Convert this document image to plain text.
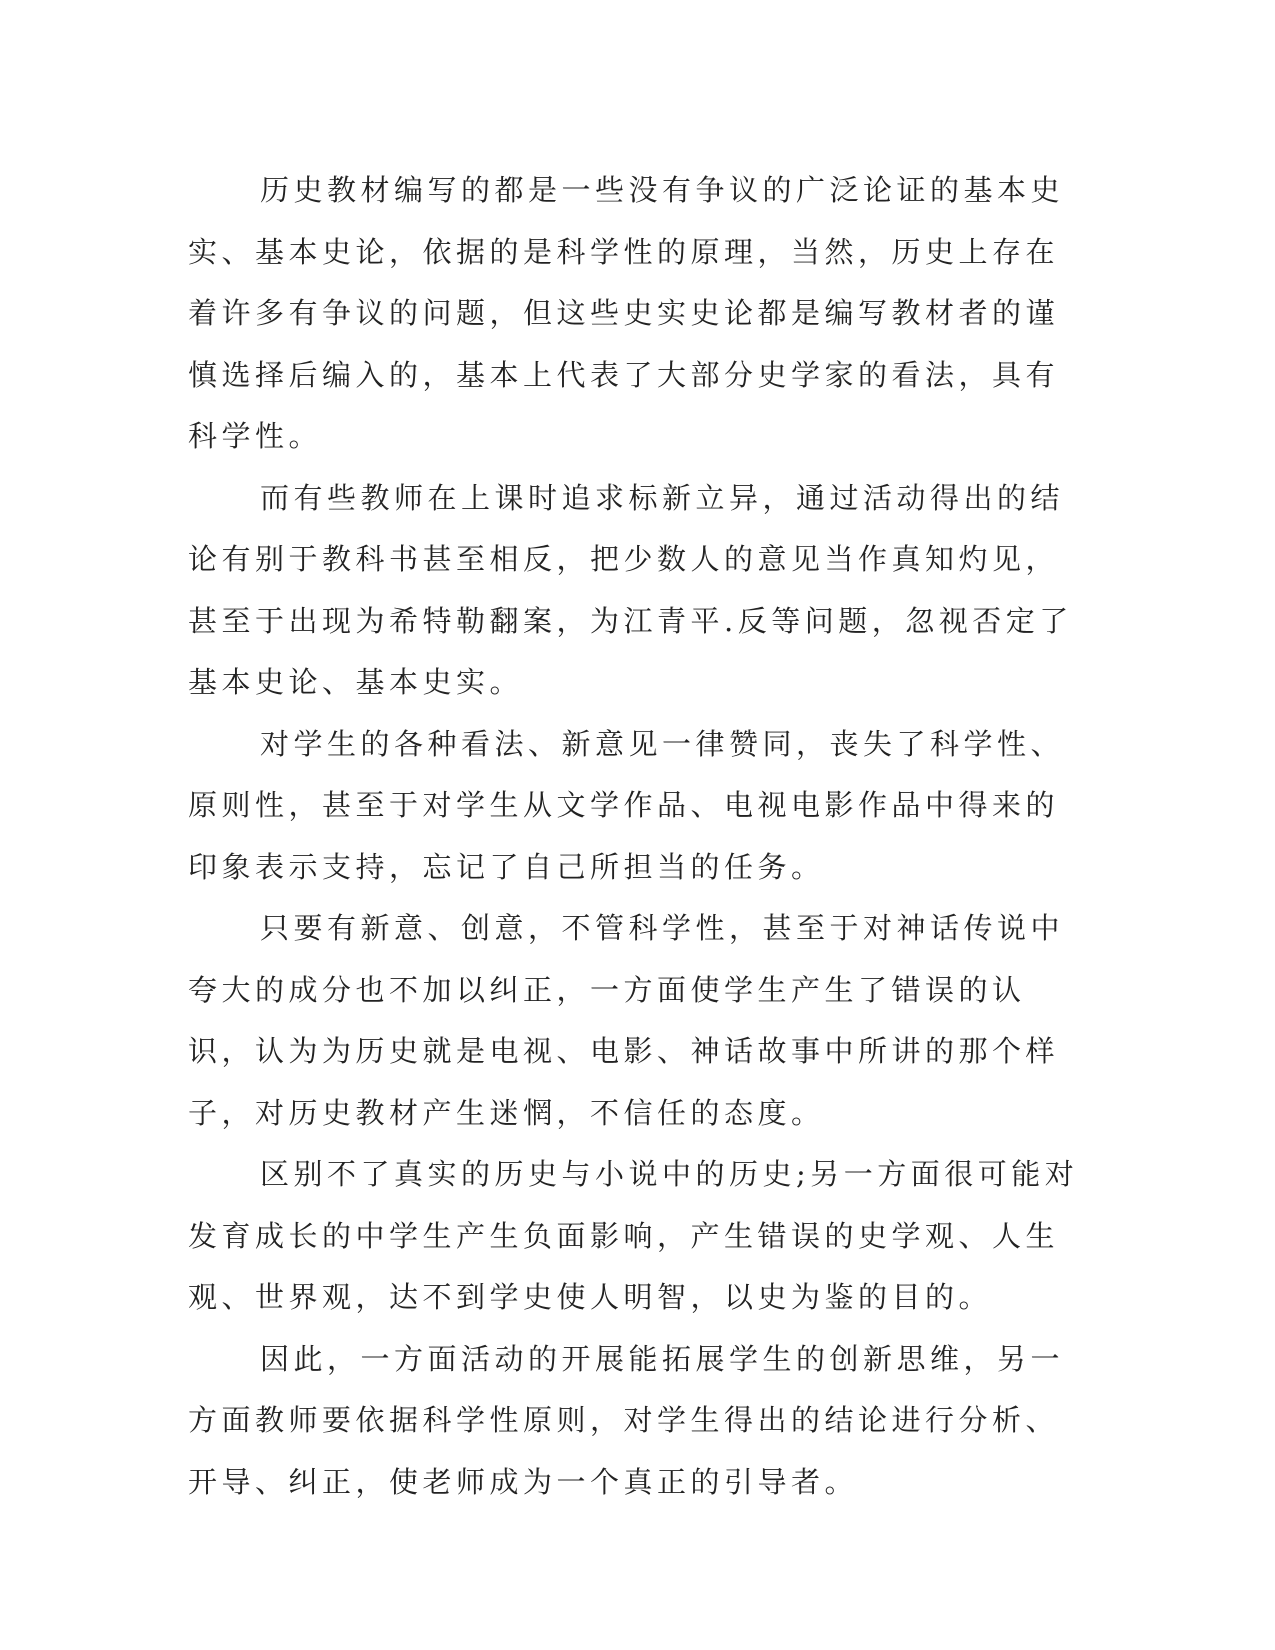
历史教材编写的都是一些没有争议的广泛论证的基本史实、基本史论，依据的是科学性的原理，当然，历史上存在着许多有争议的问题，但这些史实史论都是编写教材者的谨慎选择后编入的，基本上代表了大部分史学家的看法，具有科学性。

而有些教师在上课时追求标新立异，通过活动得出的结论有别于教科书甚至相反，把少数人的意见当作真知灼见，甚至于出现为希特勒翻案，为江青平.反等问题，忽视否定了基本史论、基本史实。

对学生的各种看法、新意见一律赞同，丧失了科学性、原则性，甚至于对学生从文学作品、电视电影作品中得来的印象表示支持，忘记了自己所担当的任务。

只要有新意、创意，不管科学性，甚至于对神话传说中夸大的成分也不加以纠正，一方面使学生产生了错误的认识，认为为历史就是电视、电影、神话故事中所讲的那个样子，对历史教材产生迷惘，不信任的态度。

区别不了真实的历史与小说中的历史;另一方面很可能对发育成长的中学生产生负面影响，产生错误的史学观、人生观、世界观，达不到学史使人明智，以史为鉴的目的。

因此，一方面活动的开展能拓展学生的创新思维，另一方面教师要依据科学性原则，对学生得出的结论进行分析、开导、纠正，使老师成为一个真正的引导者。
